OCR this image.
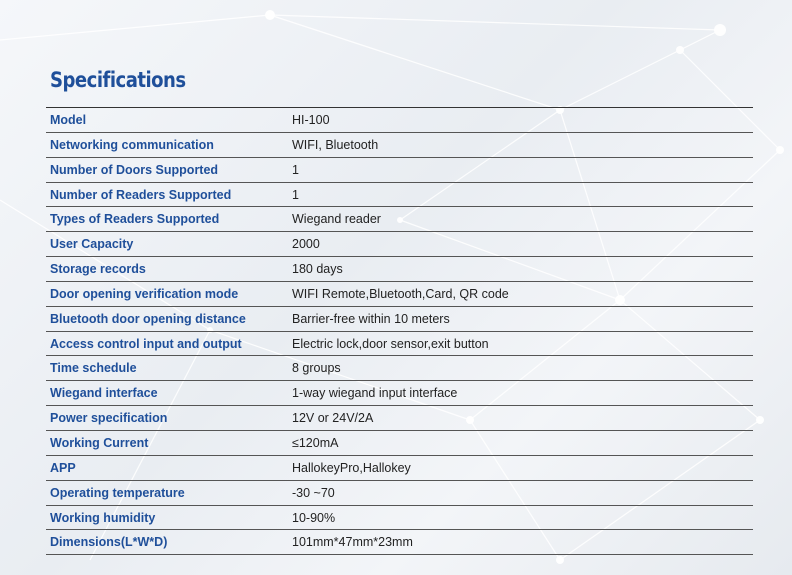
Specifications
Model	HI-100
Networking communication	WIFI, Bluetooth
Number of Doors Supported	1
Number of Readers Supported	1
Types of Readers Supported	Wiegand reader
User Capacity	2000
Storage records	180 days
Door opening verification mode	WIFI Remote,Bluetooth,Card, QR code
Bluetooth door opening distance	Barrier-free within 10 meters
Access control input and output	Electric lock,door sensor,exit button
Time schedule	8 groups
Wiegand interface	1-way wiegand input interface
Power specification	12V or 24V/2A
Working Current	≤120mA
APP	HallokeyPro,Hallokey
Operating temperature	-30 ~70
Working humidity	10-90%
Dimensions(L*W*D)	101mm*47mm*23mm
